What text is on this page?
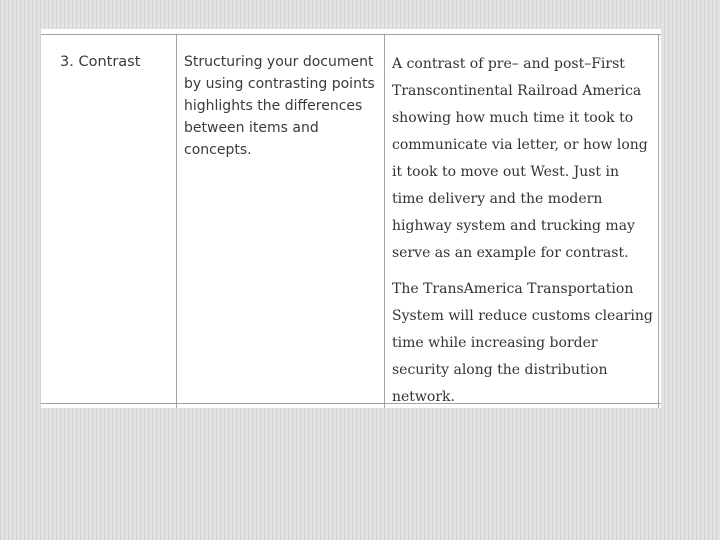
3. Contrast	Structuring your document by using contrasting points highlights the differences between items and concepts.

A contrast of pre– and post–First Transcontinental Railroad America showing how much time it took to communicate via letter, or how long it took to move out West. Just in time delivery and the modern highway system and trucking may serve as an example for contrast.

The TransAmerica Transportation System will reduce customs clearing time while increasing border security along the distribution network.
